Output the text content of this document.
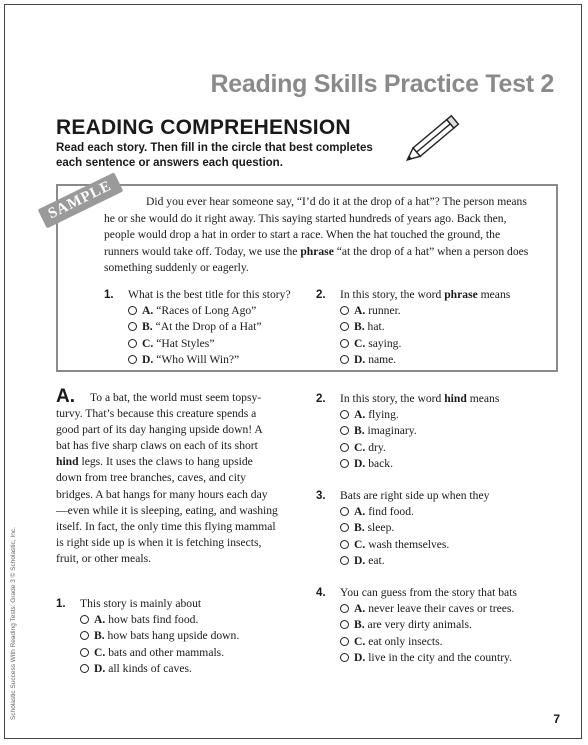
Reading Skills Practice Test 2
READING COMPREHENSION
Read each story. Then fill in the circle that best completes each sentence or answers each question.
SAMPLE	Did you ever hear someone say, “I’d do it at the drop of a hat”? The person means he or she would do it right away. This saying started hundreds of years ago. Back then, people would drop a hat in order to start a race. When the hat touched the ground, the runners would take off. Today, we use the phrase “at the drop of a hat” when a person does something suddenly or eagerly.
1. What is the best title for this story?
A. “Races of Long Ago”
B. “At the Drop of a Hat”
C. “Hat Styles”
D. “Who Will Win?”
2. In this story, the word phrase means
A. runner.
B. hat.
C. saying.
D. name.
A.	To a bat, the world must seem topsy-turvy. That’s because this creature spends a good part of its day hanging upside down! A bat has five sharp claws on each of its short hind legs. It uses the claws to hang upside down from tree branches, caves, and city bridges. A bat hangs for many hours each day—even while it is sleeping, eating, and washing itself. In fact, the only time this flying mammal is right side up is when it is fetching insects, fruit, or other meals.
1. This story is mainly about
A. how bats find food.
B. how bats hang upside down.
C. bats and other mammals.
D. all kinds of caves.
2. In this story, the word hind means
A. flying.
B. imaginary.
C. dry.
D. back.
3. Bats are right side up when they
A. find food.
B. sleep.
C. wash themselves.
D. eat.
4. You can guess from the story that bats
A. never leave their caves or trees.
B. are very dirty animals.
C. eat only insects.
D. live in the city and the country.
Scholastic Success With Reading Tests: Grade 3 © Scholastic, Inc.	7
